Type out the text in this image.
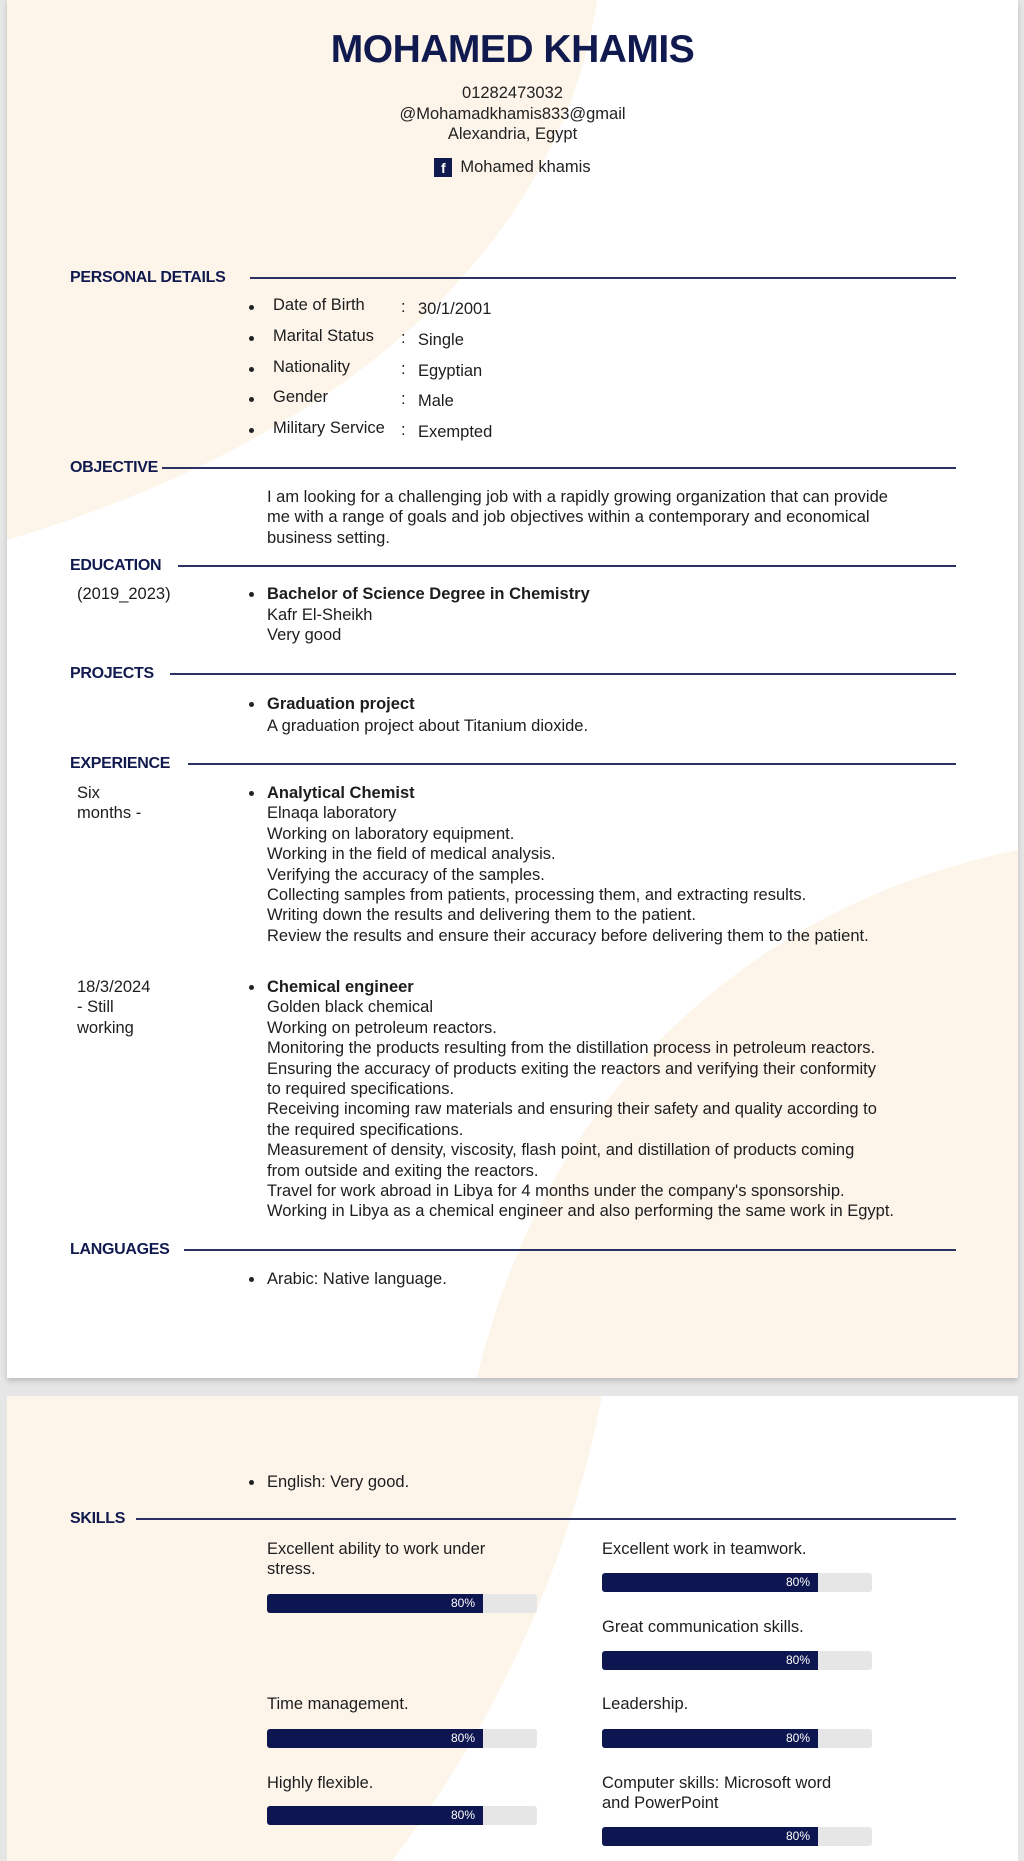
MOHAMED KHAMIS
01282473032
@Mohamadkhamis833@gmail
Alexandria, Egypt
f Mohamed khamis
PERSONAL DETAILS
Date of Birth : 30/1/2001
Marital Status : Single
Nationality	: Egyptian
Gender	: Male
Military Service : Exempted
OBJECTIVE
I am looking for a challenging job with a rapidly growing organization that can provide
me with a range of goals and job objectives within a contemporary and economical
business setting.
EDUCATION
(2019_2023)	Bachelor of Science Degree in Chemistry
Kafr El-Sheikh
Very good
PROJECTS
Graduation project
A graduation project about Titanium dioxide.
EXPERIENCE
Six
months -
Analytical Chemist
Elnaqa laboratory
Working on laboratory equipment.
Working in the field of medical analysis.
Verifying the accuracy of the samples.
Collecting samples from patients, processing them, and extracting results.
Writing down the results and delivering them to the patient.
Review the results and ensure their accuracy before delivering them to the patient.
18/3/2024
- Still
working
Chemical engineer
Golden black chemical
Working on petroleum reactors.
Monitoring the products resulting from the distillation process in petroleum reactors.
Ensuring the accuracy of products exiting the reactors and verifying their conformity
to required specifications.
Receiving incoming raw materials and ensuring their safety and quality according to
the required specifications.
Measurement of density, viscosity, flash point, and distillation of products coming
from outside and exiting the reactors.
Travel for work abroad in Libya for 4 months under the company's sponsorship.
Working in Libya as a chemical engineer and also performing the same work in Egypt.
LANGUAGES
Arabic: Native language.
English: Very good.
SKILLS
Excellent ability to work under
stress.
80%
Excellent work in teamwork.
80%
Great communication skills.
80%
Time management.
80%
Leadership.
80%
Highly flexible.
80%
Computer skills: Microsoft word
and PowerPoint
80%
